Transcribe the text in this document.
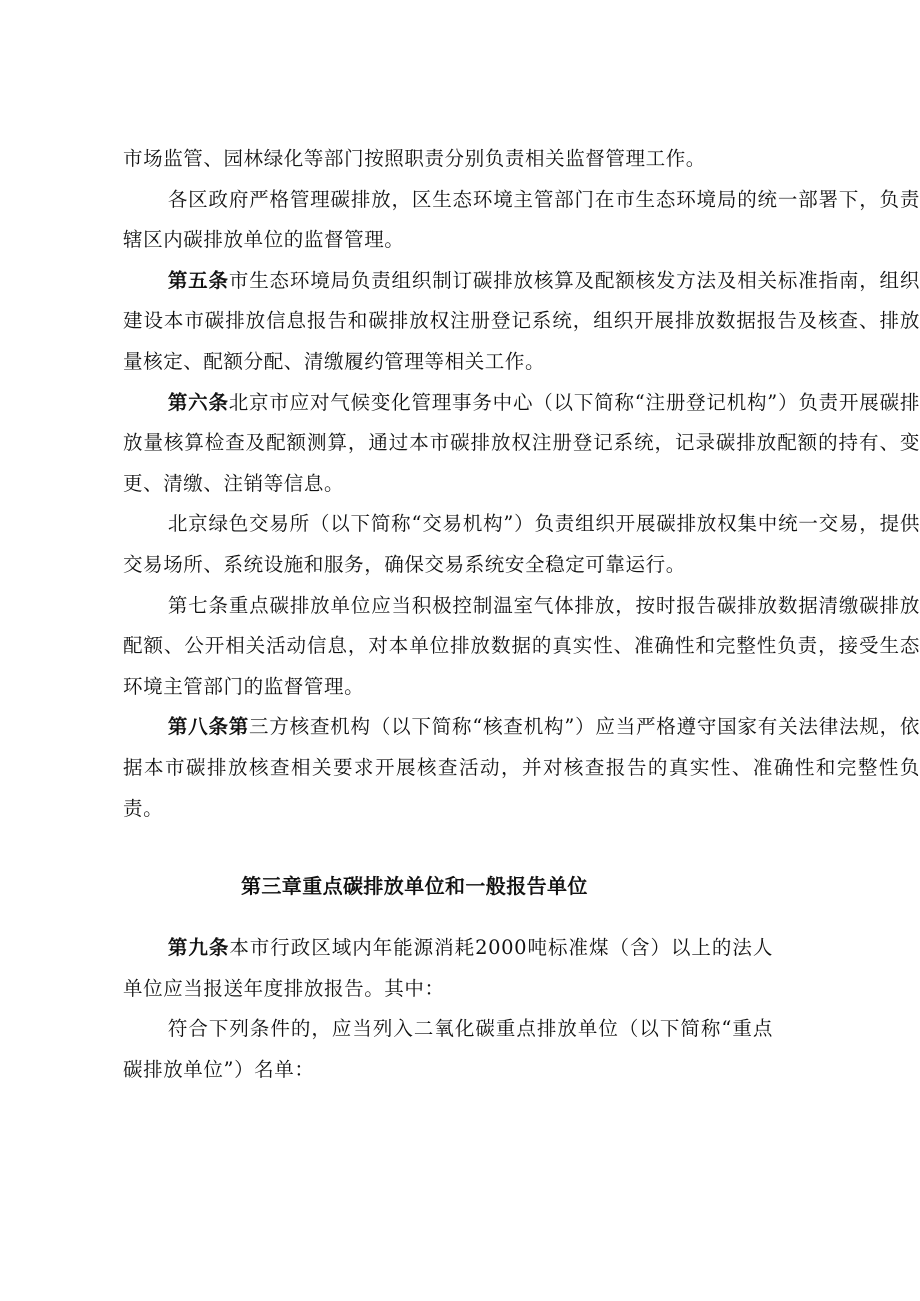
市场监管、园林绿化等部门按照职责分别负责相关监督管理工作。

各区政府严格管理碳排放，区生态环境主管部门在市生态环境局的统一部署下，负责辖区内碳排放单位的监督管理。

第五条市生态环境局负责组织制订碳排放核算及配额核发方法及相关标准指南，组织建设本市碳排放信息报告和碳排放权注册登记系统，组织开展排放数据报告及核查、排放量核定、配额分配、清缴履约管理等相关工作。

第六条北京市应对气候变化管理事务中心（以下简称“注册登记机构”）负责开展碳排放量核算检查及配额测算，通过本市碳排放权注册登记系统，记录碳排放配额的持有、变更、清缴、注销等信息。

北京绿色交易所（以下简称“交易机构”）负责组织开展碳排放权集中统一交易，提供交易场所、系统设施和服务，确保交易系统安全稳定可靠运行。

第七条重点碳排放单位应当积极控制温室气体排放，按时报告碳排放数据清缴碳排放配额、公开相关活动信息，对本单位排放数据的真实性、准确性和完整性负责，接受生态环境主管部门的监督管理。

第八条第三方核查机构（以下简称“核查机构”）应当严格遵守国家有关法律法规，依据本市碳排放核查相关要求开展核查活动，并对核查报告的真实性、准确性和完整性负责。

第三章重点碳排放单位和一般报告单位

第九条本市行政区域内年能源消耗2000吨标准煤（含）以上的法人单位应当报送年度排放报告。其中：

符合下列条件的，应当列入二氧化碳重点排放单位（以下简称“重点碳排放单位”）名单：
